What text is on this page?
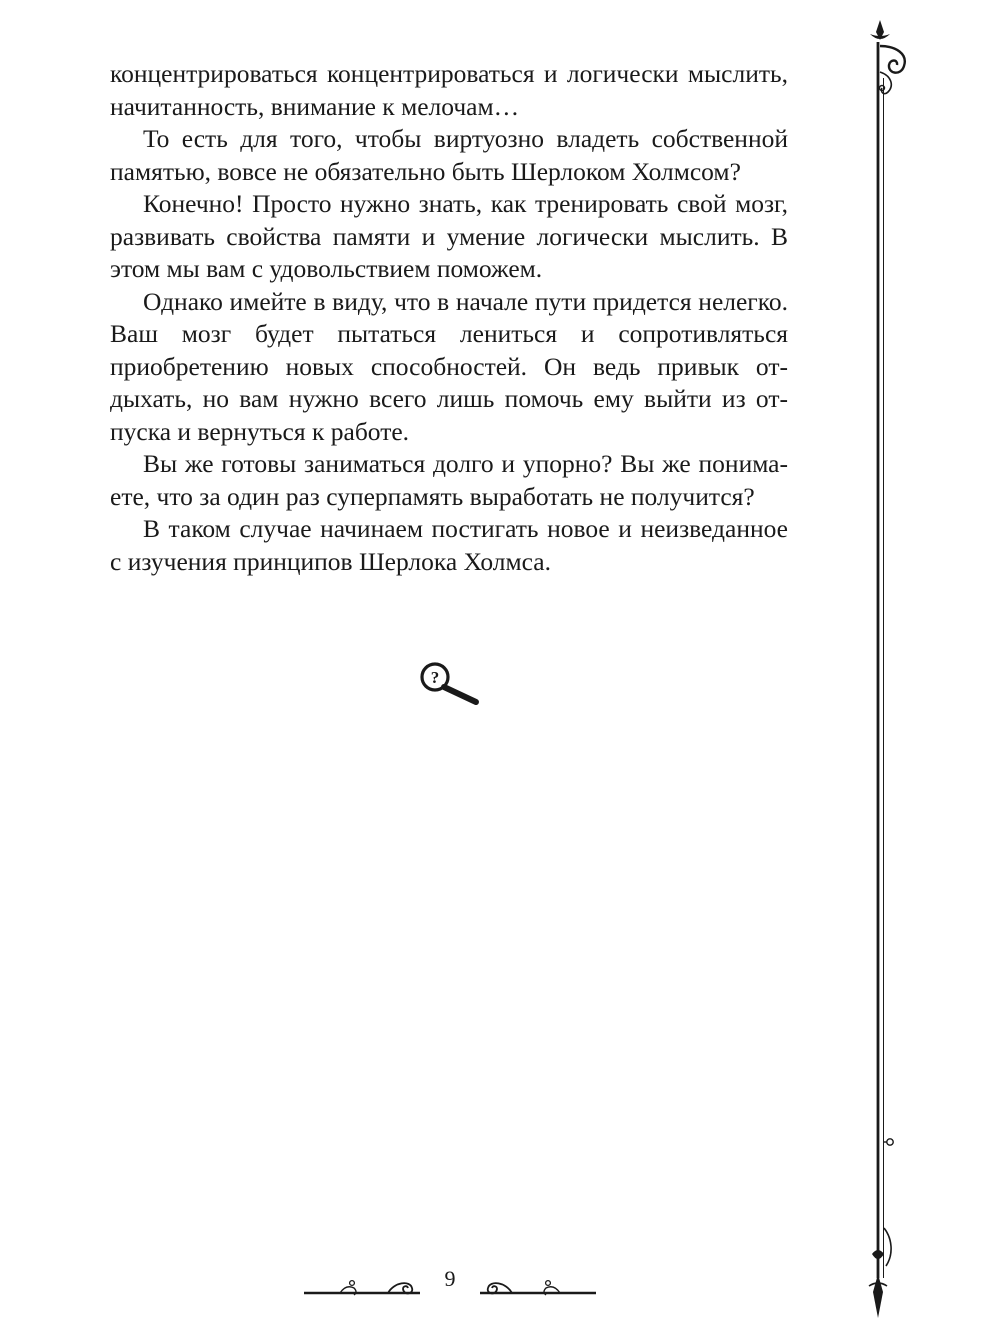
концентрироваться концентрироваться и логически мыслить, начитанность, внимание к мелочам…

То есть для того, чтобы виртуозно владеть собственной памятью, вовсе не обязательно быть Шерлоком Холмсом?

Конечно! Просто нужно знать, как тренировать свой мозг, развивать свойства памяти и умение логически мыслить. В этом мы вам с удовольствием поможем.

Однако имейте в виду, что в начале пути придется нелегко. Ваш мозг будет пытаться лениться и сопротивляться приобретению новых способностей. Он ведь привык отдыхать, но вам нужно всего лишь помочь ему выйти из отпуска и вернуться к работе.

Вы же готовы заниматься долго и упорно? Вы же понимаете, что за один раз суперпамять выработать не получится?

В таком случае начинаем постигать новое и неизведанное с изучения принципов Шерлока Холмса.

?
9
